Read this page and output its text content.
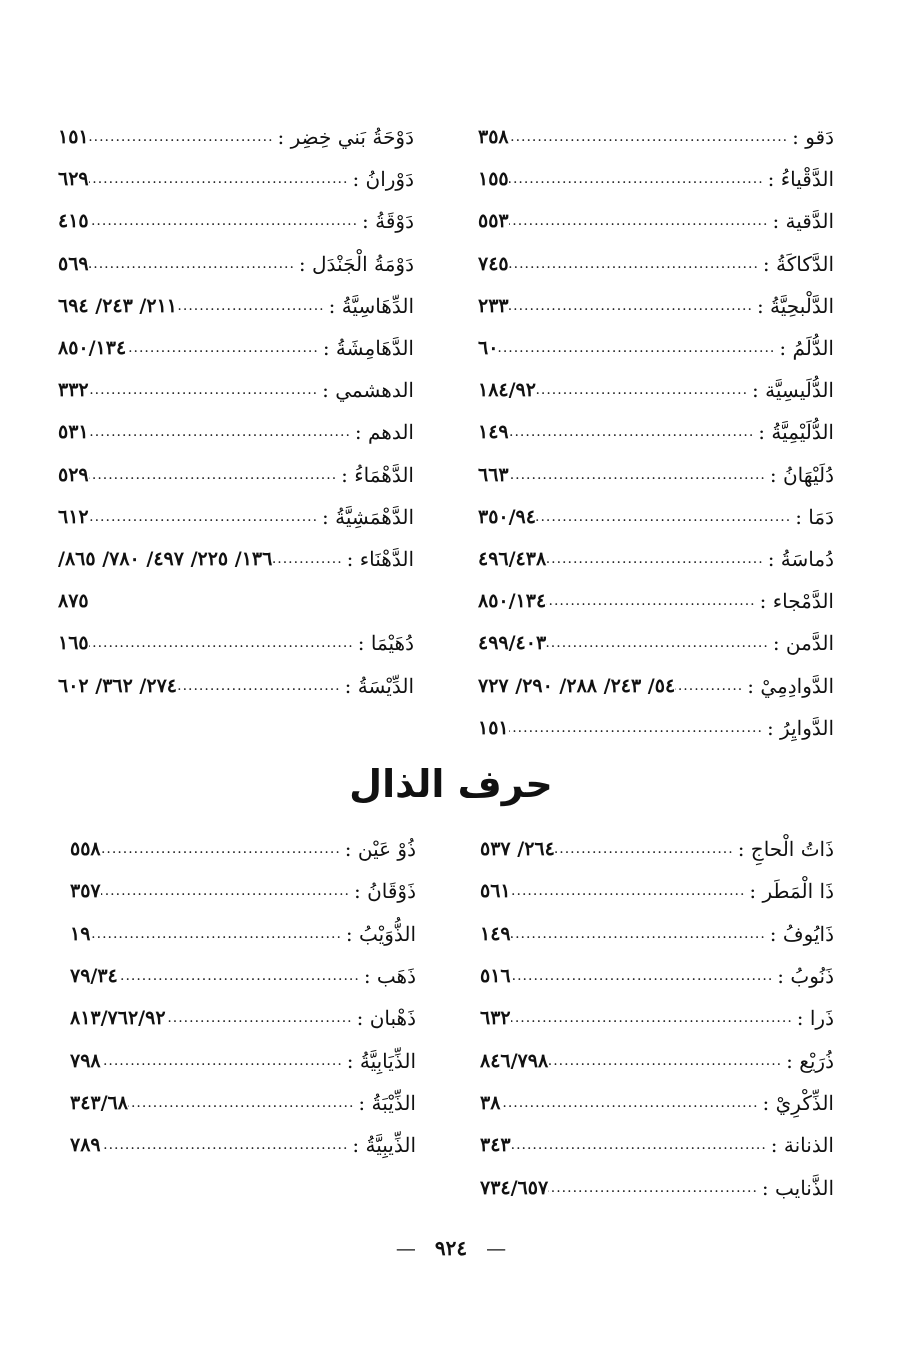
دَقو :
.....
٣٥٨
الدَّقْياءُ :
.....
١٥٥
الدَّقية :
.....
٥٥٣
الدَّكاكَةُ :
.....
٧٤٥
الدَّلْبحِيَّةُ :
.....
٢٣٣
الدُّلَمُ :
.....
٦٠
الدُّلَيسِيَّة :
.....
١٨٤/٩٢
الدُّلَيْمِيَّةُ :
.....
١٤٩
دُلَيْهَانُ :
.....
٦٦٣
دَمَا :
.....
٣٥٠/٩٤
دُماسَةُ :
.....
٤٩٦/٤٣٨
الدَّمْجاء :
.....
٨٥٠/١٣٤
الدَّمن :
.....
٤٩٩/٤٠٣
الدَّوادِمِيْ :
.....
٥٤/ ٢٤٣/ ٢٨٨/ ٢٩٠/ ٧٢٧
الدَّوايِرُ :
.....
١٥١
دَوْحَةُ بَني خِضِر :
.....
١٥١
دَوْرانُ :
.....
٦٢٩
دَوْقَةُ :
.....
٤١٥
دَوْمَةُ الْجَنْدَل :
.....
٥٦٩
الدِّهَاسِيَّةُ :
.....
٢١١/ ٢٤٣/ ٦٩٤
الدَّهَامِشَةُ :
.....
٨٥٠/١٣٤
الدهشمي :
.....
٣٣٢
الدهم :
.....
٥٣١
الدَّهْمَاءُ :
.....
٥٢٩
الدَّهْمَشِيَّةُ :
.....
٦١٢
الدَّهْنَاء :
.....
١٣٦/ ٢٢٥/ ٤٩٧/ ٧٨٠/ ٨٦٥/
٨٧٥
دُهَيْمَا :
.....
١٦٥
الدِّيْسَةُ :
.....
٢٧٤/ ٣٦٢/ ٦٠٢
حرف الذال
ذَاتُ الْحاجِ :
.....
٢٦٤/ ٥٣٧
ذَا الْمَطَر :
.....
٥٦١
ذَايُوفُ :
.....
١٤٩
ذَنُوبُ :
.....
٥١٦
ذَرا :
.....
٦٣٢
ذُرَيْع :
.....
٨٤٦/٧٩٨
الذِّكْرِيْ :
.....
٣٨
الذنانة :
.....
٣٤٣
الذَّنايب :
.....
٧٣٤/٦٥٧
ذُوْ عَيْن :
.....
٥٥٨
ذَوْقَانُ :
.....
٣٥٧
الذُّوَيْبُ :
.....
١٩
ذَهَب :
.....
٧٩/٣٤
ذَهْبان :
.....
٨١٣/٧٦٢/٩٢
الذِّيَابِيَّةُ :
.....
٧٩٨
الذِّيْبَةُ :
.....
٣٤٣/٦٨
الذِّيبِيَّةُ :
.....
٧٨٩
— ٩٢٤ —
